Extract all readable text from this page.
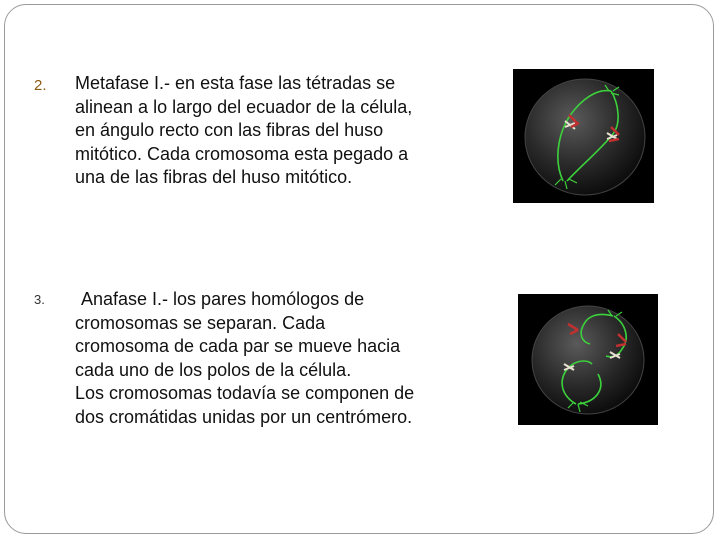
2. Metafase I.- en esta fase las tétradas se
alinean a lo largo del ecuador de la célula,
en ángulo recto con las fibras del huso
mitótico. Cada cromosoma esta pegado a
una de las fibras del huso mitótico.
3.	Anafase I.- los pares homólogos de
cromosomas se separan. Cada
cromosoma de cada par se mueve hacia
cada uno de los polos de la célula.
Los cromosomas todavía se componen de
dos cromátidas unidas por un centrómero.
